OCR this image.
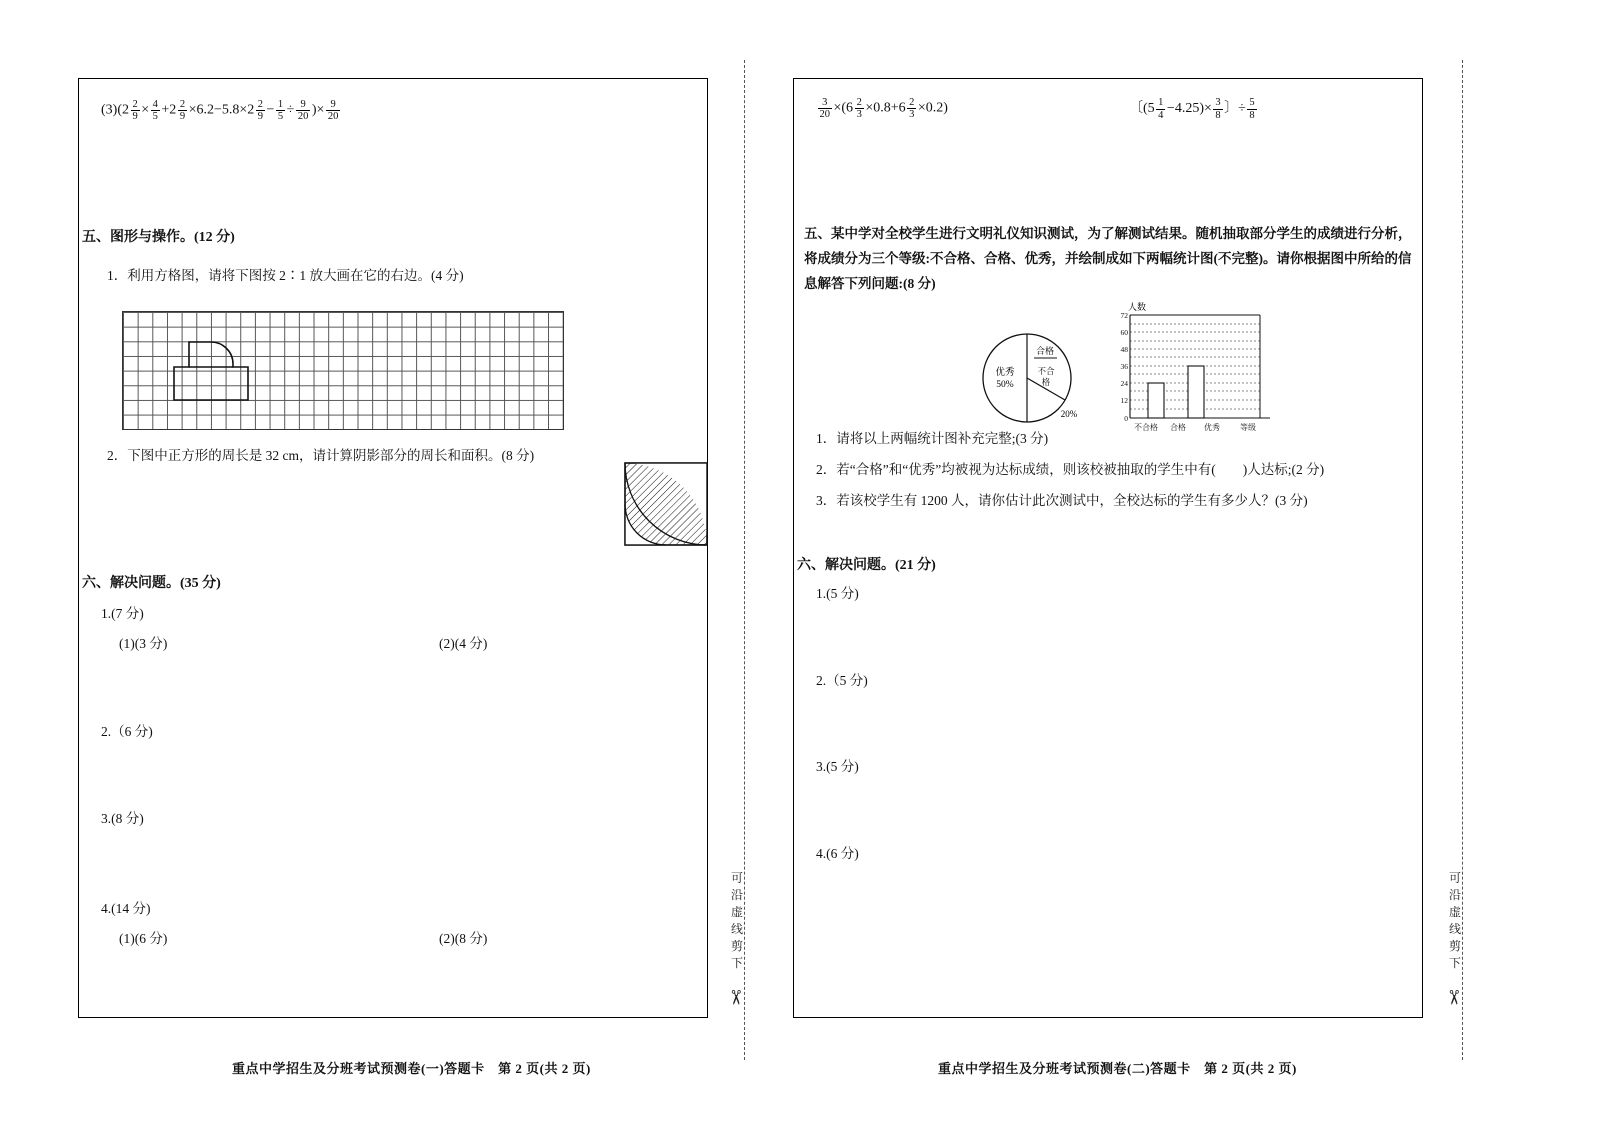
$(3)(2 \frac{2}{9} \times \frac{4}{5} +2 \frac{2}{9} \times 6.2-5.8\times 2 \frac{2}{9} - \frac{1}{5} \div \frac{9}{20}$ )× $\frac{9}{20}$
五、图形与操作。(12 分)
1．利用方格图，请将下图按 2∶1 放大画在它的右边。(4 分)
2．下图中正方形的周长是 32 cm，请计算阴影部分的周长和面积。(8 分)
六、解决问题。(35 分)
1.(7 分)
(1)(3 分)	(2)(4 分)
2.（6 分)
3.(8 分)
4.(14 分)
(1)(6 分)	(2)(8 分)
重点中学招生及分班考试预测卷(一)答题卡　第 2 页(共 2 页)
$\frac{3}{20} \times(6 \frac{2}{3} \times 0.8+6 \frac{2}{3} \times 0.2)$	〔$(5 \frac{1}{4} -4.25)\times \frac{3}{8}$ 〕÷ $\frac{5}{8}$
五、某中学对全校学生进行文明礼仪知识测试，为了解测试结果。随机抽取部分学生的成绩进行分析，将成绩分为三个等级:不合格、合格、优秀，并绘制成如下两幅统计图(不完整)。请你根据图中所给的信息解答下列问题:(8 分)
1．请将以上两幅统计图补充完整;(3 分)
2．若“合格”和“优秀”均被视为达标成绩，则该校被抽取的学生中有(　　)人达标;(2 分)
3．若该校学生有 1200 人，请你估计此次测试中，全校达标的学生有多少人？(3 分)
六、解决问题。(21 分)
1.(5 分)
2.（5 分)
3.(5 分)
4.(6 分)
优秀
50%
合格
不合
格
20%
人数
72
60
48
36
24
12
0
不合格 合格 优秀	等级
重点中学招生及分班考试预测卷(二)答题卡　第 2 页(共 2 页)
可沿虚线剪下
可沿虚线剪下
✂	✂
